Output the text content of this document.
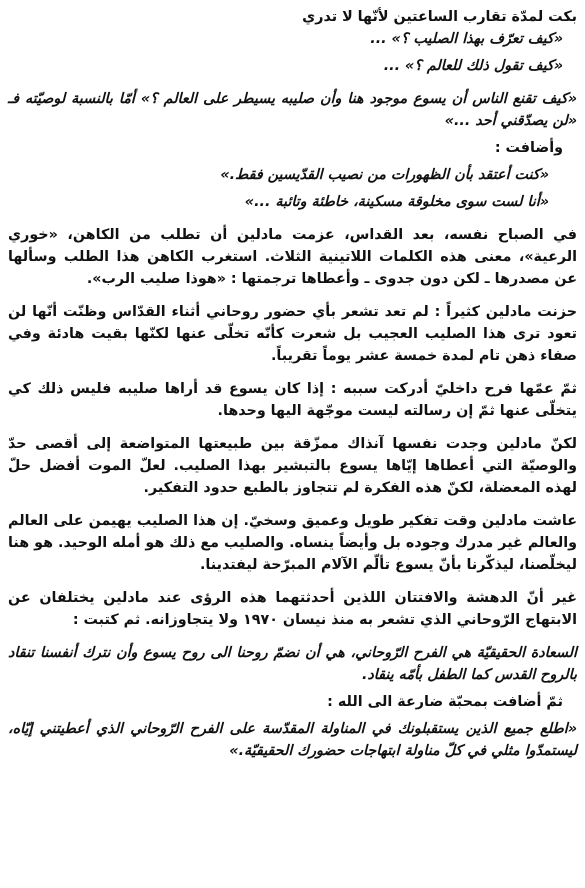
بكت لمدّة تقارب الساعتين لأنّها لا تدري

«كيف تعرّف بهذا الصليب ؟» ...

«كيف تقول ذلك للعالم ؟» ...

«كيف تقنع الناس أن يسوع موجود هنا وأن صليبه يسيطر على العالم ؟» أمّا بالنسبة لوصيّته فـ «لن يصدّقني أحد ...»

وأضافت :

«كنت أعتقد بأن الظهورات من نصيب القدّيسين فقط.»

«أنا لست سوى مخلوقة مسكينة، خاطئة وتائبة ...»

في الصباح نفسه، بعد القداس، عزمت مادلين أن تطلب من الكاهن، «خوري الرعية»، معنى هذه الكلمات اللاتينية الثلاث. استغرب الكاهن هذا الطلب وسألها عن مصدرها ـ لكن دون جدوى ـ وأعطاها ترجمتها : «هوذا صليب الرب».

حزنت مادلين كثيراً : لم تعد تشعر بأي حضور روحاني أثناء القدّاس وظنّت أنّها لن تعود ترى هذا الصليب العجيب بل شعرت كأنّه تخلّى عنها لكنّها بقيت هادئة وفي صفاء ذهن تام لمدة خمسة عشر يوماً تقريباً.

ثمّ عمّها فرح داخليّ أدركت سببه : إذا كان يسوع قد أراها صليبه فليس ذلك كي يتخلّى عنها ثمّ إن رسالته ليست موجّهة اليها وحدها.

لكنّ مادلين وجدت نفسها آنذاك ممزّقة بين طبيعتها المتواضعة إلى أقصى حدّ والوصيّة التي أعطاها إيّاها يسوع بالتبشير بهذا الصليب. لعلّ الموت أفضل حلّ لهذه المعضلة، لكنّ هذه الفكرة لم تتجاوز بالطبع حدود التفكير.

عاشت مادلين وقت تفكير طويل وعميق وسخيّ. إن هذا الصليب يهيمن على العالم والعالم غير مدرك وجوده بل وأيضاً ينساه. والصليب مع ذلك هو أمله الوحيد. هو هنا ليخلّصنا، ليذكّرنا بأنّ يسوع تألّم الآلام المبرّحة ليفتدينا.

غير أنّ الدهشة والافتتان اللذين أحدثتهما هذه الرؤى عند مادلين يختلفان عن الابتهاج الرّوحاني الذي تشعر به منذ نيسان ١٩٧٠ ولا يتجاوزانه. ثم كتبت :

السعادة الحقيقيّة هي الفرح الرّوحاني، هي أن نضمّ روحنا الى روح يسوع وأن نترك أنفسنا تنقاد بالروح القدس كما الطفل بأمّه ينقاد.

ثمّ أضافت بمحبّة ضارعة الى الله :

«اطلع جميع الذين يستقبلونك في المناولة المقدّسة على الفرح الرّوحاني الذي أعطيتني إيّاه، ليستمدّوا مثلي في كلّ مناولة ابتهاجات حضورك الحقيقيّة.»
